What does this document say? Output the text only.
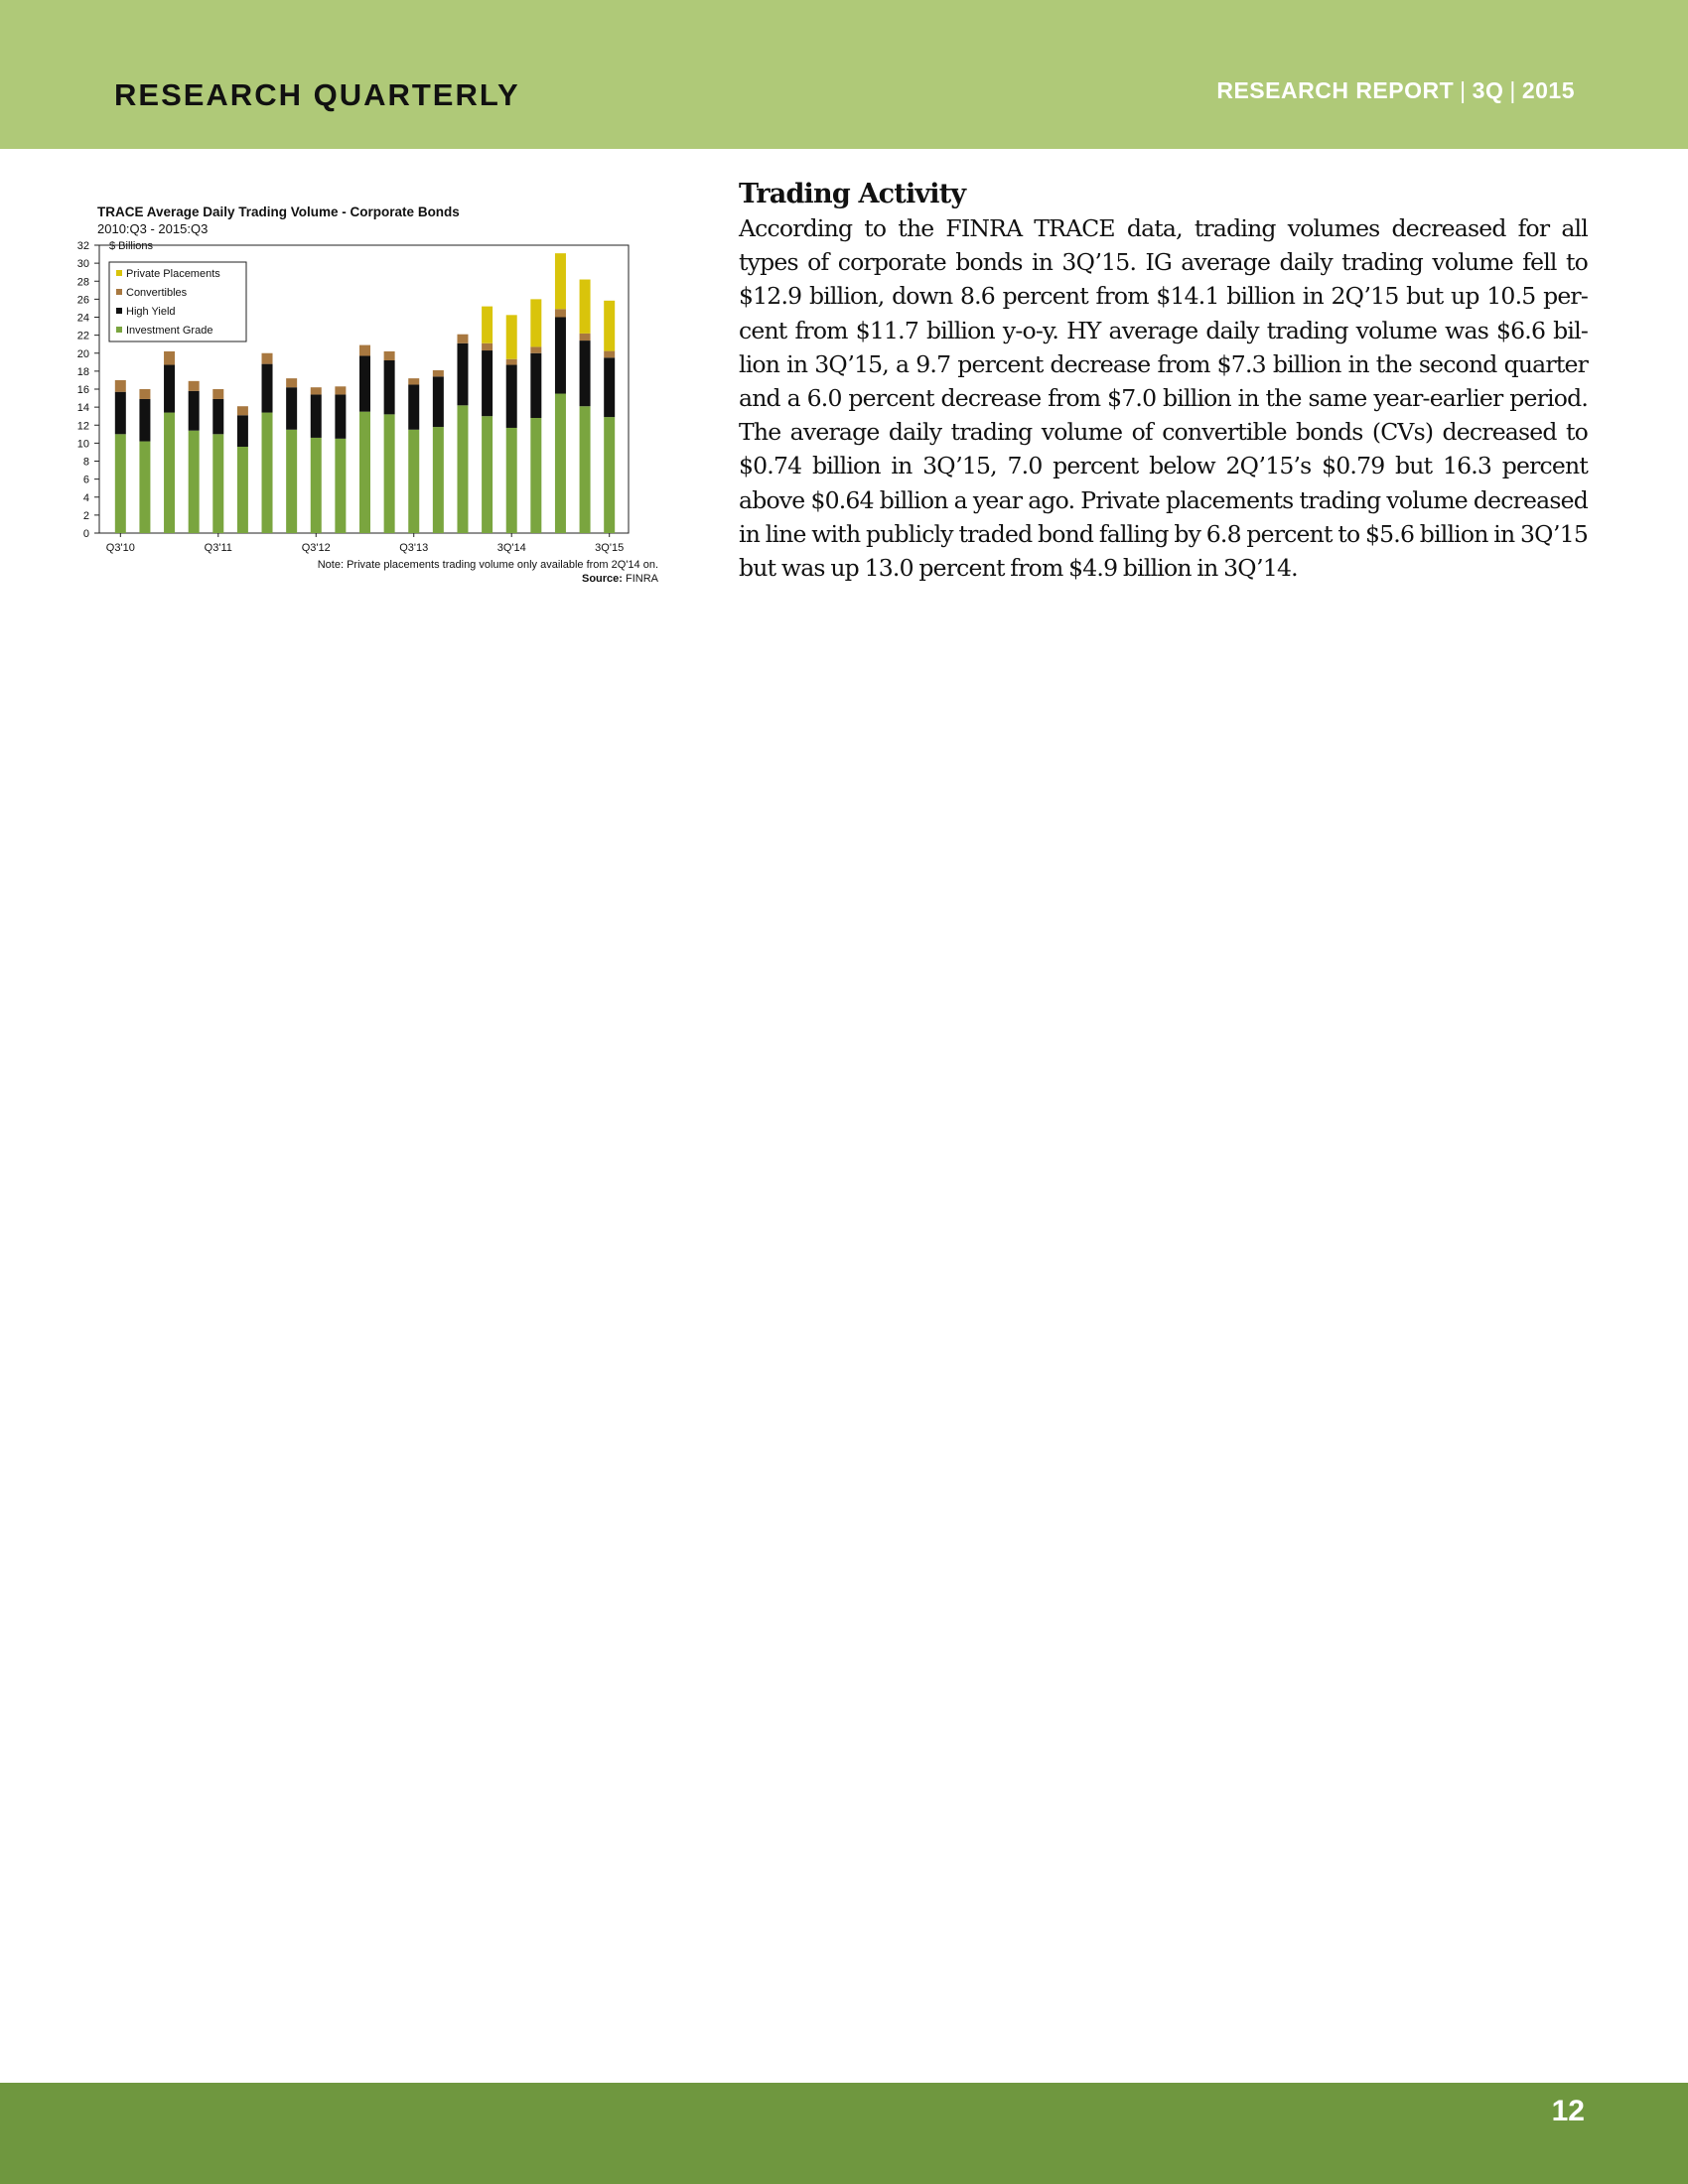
RESEARCH QUARTERLY	RESEARCH REPORT | 3Q | 2015
TRACE Average Daily Trading Volume - Corporate Bonds
2010:Q3 - 2015:Q3
0
2
4
6
8
10
12
14
16
18
20
22
24
26
28
30
32 $ Billions
Q3'10	Q3'11	Q3'12	Q3'13	3Q'14	3Q'15
Private Placements
Convertibles
High Yield
Investment Grade
Note: Private placements trading volume only available from 2Q'14 on.
Source: FINRA
Trading Activity

According to the FINRA TRACE data, trading volumes decreased for all types of corporate bonds in 3Q’15. IG average daily trading volume fell to $12.9 billion, down 8.6 percent from $14.1 billion in 2Q’15 but up 10.5 per- cent from $11.7 billion y-o-y. HY average daily trading volume was $6.6 bil- lion in 3Q’15, a 9.7 percent decrease from $7.3 billion in the second quarter and a 6.0 percent decrease from $7.0 billion in the same year-earlier period. The average daily trading volume of convertible bonds (CVs) decreased to $0.74 billion in 3Q’15, 7.0 percent below 2Q’15’s $0.79 but 16.3 percent above $0.64 billion a year ago. Private placements trading volume decreased in line with publicly traded bond falling by 6.8 percent to $5.6 billion in 3Q’15 but was up 13.0 percent from $4.9 billion in 3Q’14.

12
